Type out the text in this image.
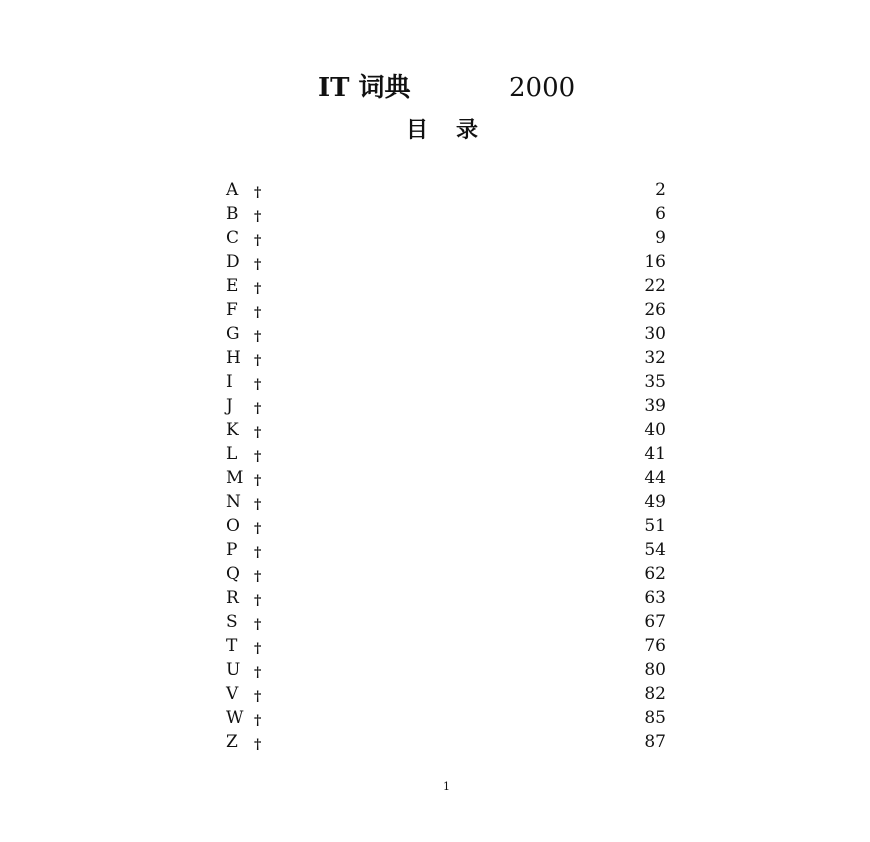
IT 词典	2000
目 录
A	†	2
B	†	6
C †	9
D †	16
E	†	22
F	†	26
G †	30
H †	32
I	†	35
J	†	39
K	†	40
L	†	41
M †	44
N †	49
O †	51
P	†	54
Q †	62
R	†	63
S	†	67
T	†	76
U †	80
V	†	82
W †	85
Z	†	87
1
